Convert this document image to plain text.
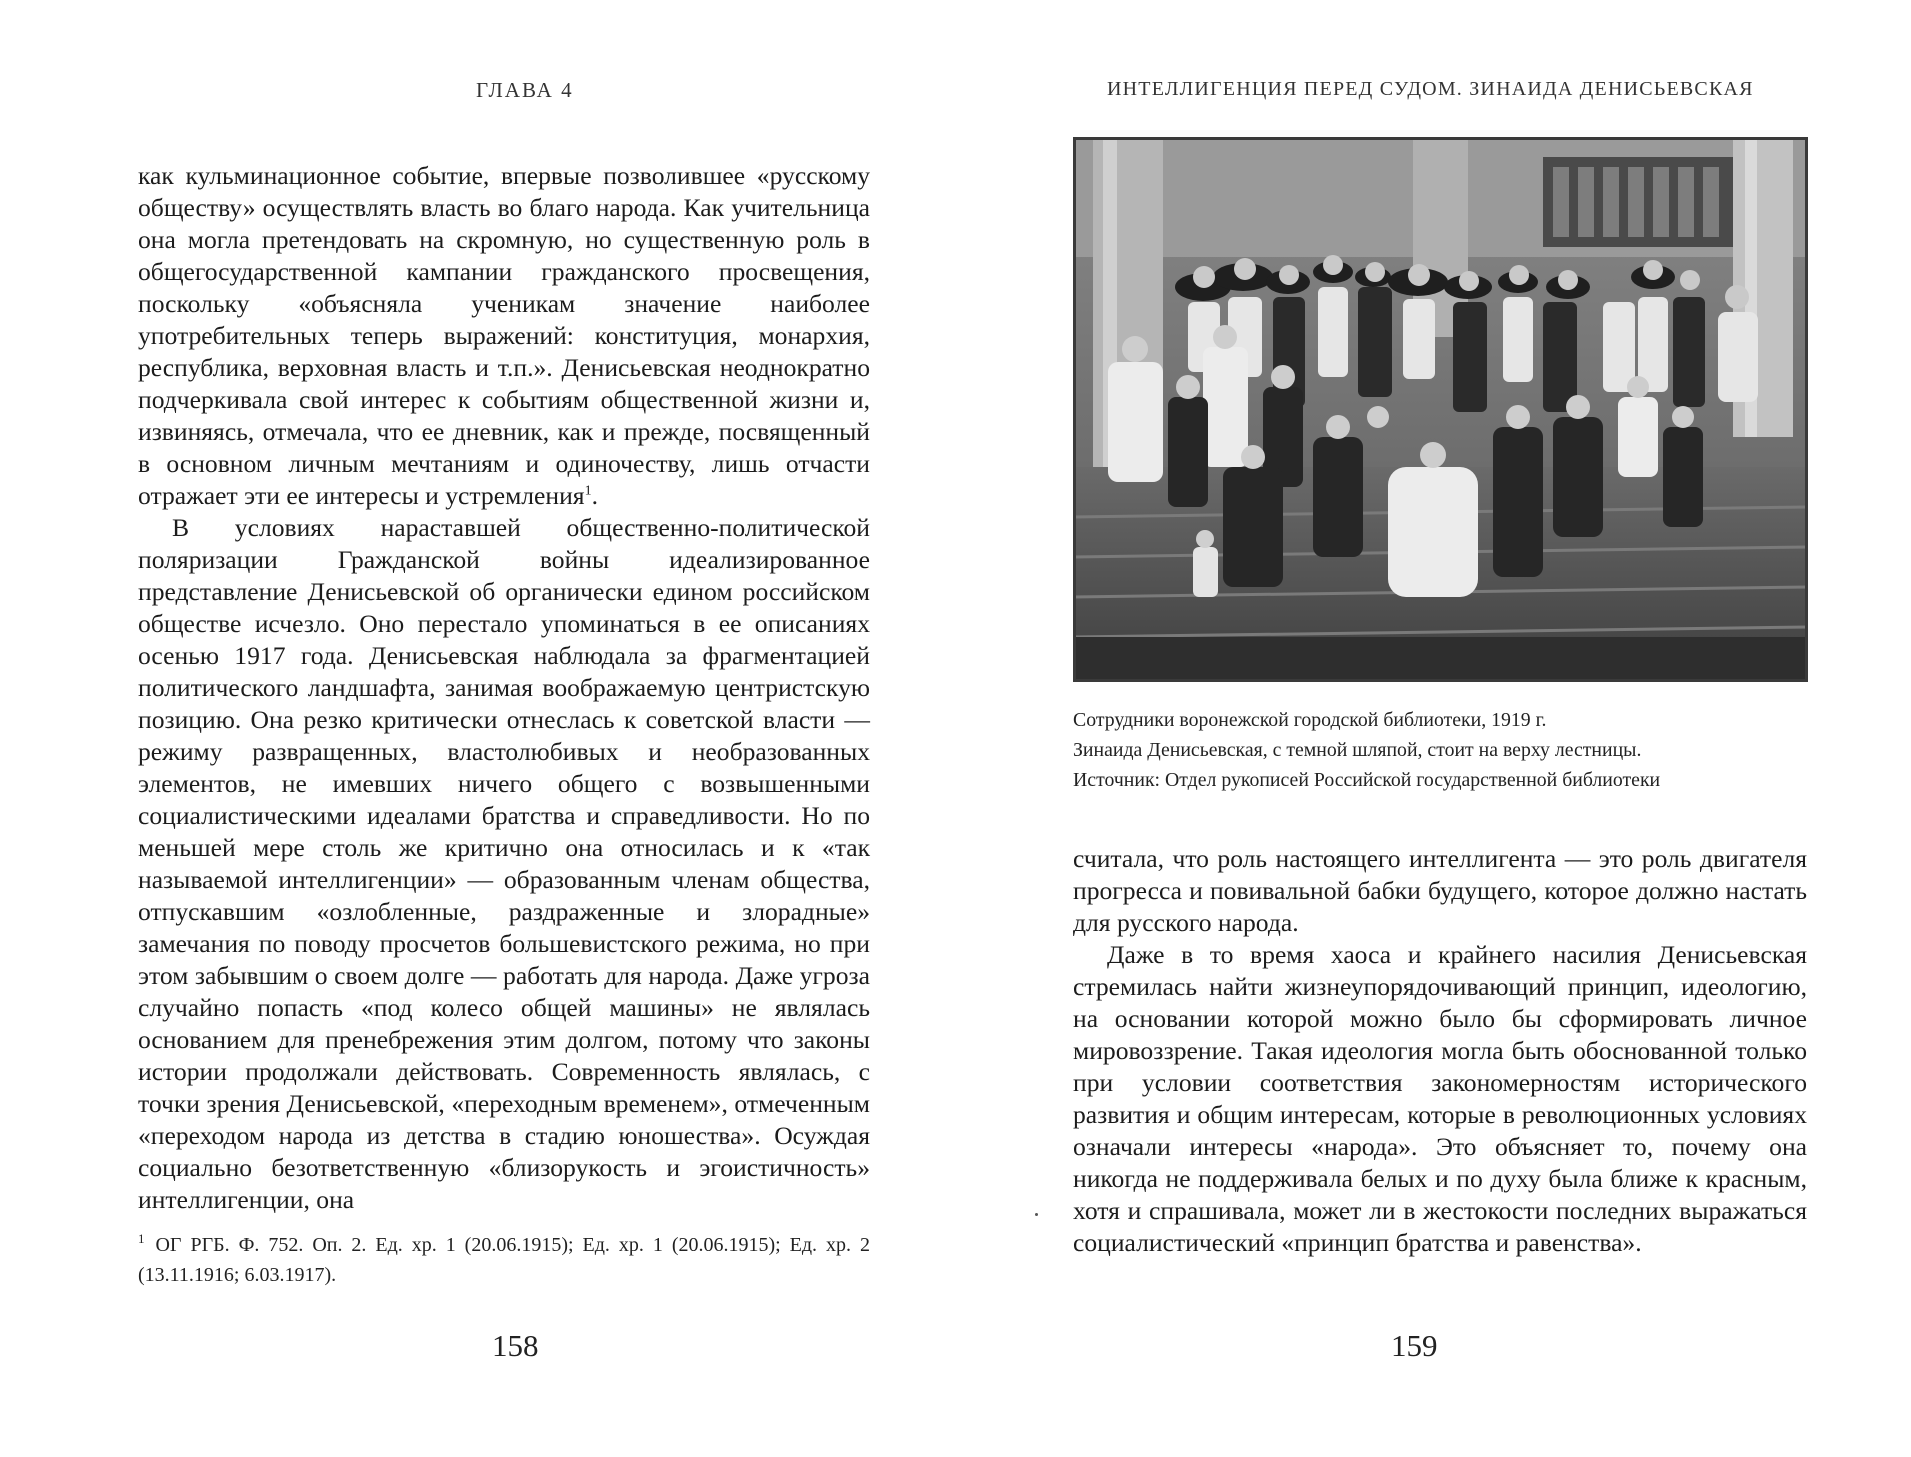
ГЛАВА 4

как кульминационное событие, впервые позволившее «русскому обществу» осуществлять власть во благо народа. Как учительница она могла претендовать на скромную, но существенную роль в общегосударственной кампании гражданского просвещения, поскольку «объясняла ученикам значение наиболее употребительных теперь выражений: конституция, монархия, республика, верховная власть и т.п.». Денисьевская неоднократно подчеркивала свой интерес к событиям общественной жизни и, извиняясь, отмечала, что ее дневник, как и прежде, посвященный в основном личным мечтаниям и одиночеству, лишь отчасти отражает эти ее интересы и устремления$^1$.

В условиях нараставшей общественно-политической поляризации Гражданской войны идеализированное представление Денисьевской об органически едином российском обществе исчезло. Оно перестало упоминаться в ее описаниях осенью 1917 года. Денисьевская наблюдала за фрагментацией политического ландшафта, занимая воображаемую центристскую позицию. Она резко критически отнеслась к советской власти — режиму развращенных, властолюбивых и необразованных элементов, не имевших ничего общего с возвышенными социалистическими идеалами братства и справедливости. Но по меньшей мере столь же критично она относилась и к «так называемой интеллигенции» — образованным членам общества, отпускавшим «озлобленные, раздраженные и злорадные» замечания по поводу просчетов большевистского режима, но при этом забывшим о своем долге — работать для народа. Даже угроза случайно попасть «под колесо общей машины» не являлась основанием для пренебрежения этим долгом, потому что законы истории продолжали действовать. Современность являлась, с точки зрения Денисьевской, «переходным временем», отмеченным «переходом народа из детства в стадию юношества». Осуждая социально безответственную «близорукость и эгоистичность» интеллигенции, она

$^1$ ОГ РГБ. Ф. 752. Оп. 2. Ед. хр. 1 (20.06.1915); Ед. хр. 1 (20.06.1915); Ед. хр. 2 (13.11.1916; 6.03.1917).
158
ИНТЕЛЛИГЕНЦИЯ ПЕРЕД СУДОМ. ЗИНАИДА ДЕНИСЬЕВСКАЯ
Сотрудники воронежской городской библиотеки, 1919 г.
Зинаида Денисьевская, с темной шляпой, стоит на верху лестницы.
Источник: Отдел рукописей Российской государственной библиотеки

считала, что роль настоящего интеллигента — это роль двигателя прогресса и повивальной бабки будущего, которое должно настать для русского народа.

Даже в то время хаоса и крайнего насилия Денисьевская стремилась найти жизнеупорядочивающий принцип, идеологию, на основании которой можно было бы сформировать личное мировоззрение. Такая идеология могла быть обоснованной только при условии соответствия закономерностям исторического развития и общим интересам, которые в революционных условиях означали интересы «народа». Это объясняет то, почему она никогда не поддерживала белых и по духу была ближе к красным, хотя и спрашивала, может ли в жестокости последних выражаться социалистический «принцип братства и равенства».

159
